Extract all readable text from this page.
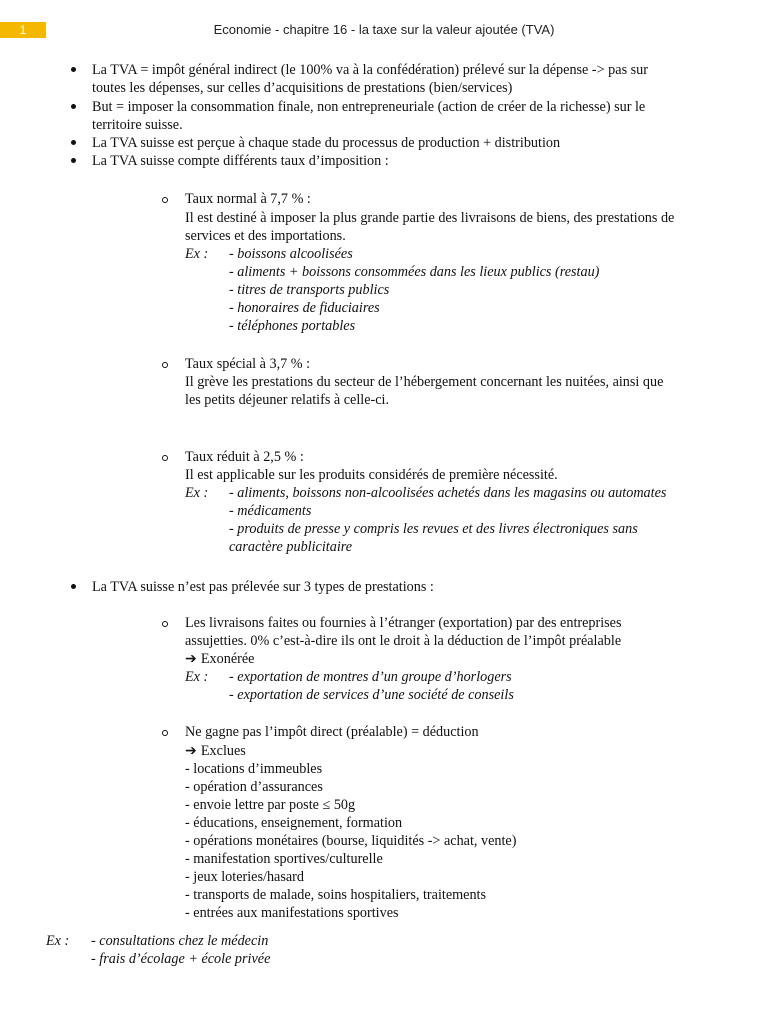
1	Economie - chapitre 16 - la taxe sur la valeur ajoutée (TVA)
La TVA = impôt général indirect (le 100% va à la confédération) prélevé sur la dépense -> pas sur
toutes les dépenses, sur celles d’acquisitions de prestations (bien/services)
But = imposer la consommation finale, non entrepreneuriale (action de créer de la richesse) sur le
territoire suisse.
La TVA suisse est perçue à chaque stade du processus de production + distribution
La TVA suisse compte différents taux d’imposition :
Taux normal à 7,7 % :
Il est destiné à imposer la plus grande partie des livraisons de biens, des prestations de
services et des importations.
Ex : - boissons alcoolisées
- aliments + boissons consommées dans les lieux publics (restau)
- titres de transports publics
- honoraires de fiduciaires
- téléphones portables
Taux spécial à 3,7 % :
Il grève les prestations du secteur de l’hébergement concernant les nuitées, ainsi que
les petits déjeuner relatifs à celle-ci.
Taux réduit à 2,5 % :
Il est applicable sur les produits considérés de première nécessité.
Ex : - aliments, boissons non-alcoolisées achetés dans les magasins ou automates
- médicaments
- produits de presse y compris les revues et des livres électroniques sans
caractère publicitaire
La TVA suisse n’est pas prélevée sur 3 types de prestations :
Les livraisons faites ou fournies à l’étranger (exportation) par des entreprises
assujetties. 0% c’est-à-dire ils ont le droit à la déduction de l’impôt préalable
➔ Exonérée
Ex : - exportation de montres d’un groupe d’horlogers
- exportation de services d’une société de conseils
Ne gagne pas l’impôt direct (préalable) = déduction
➔ Exclues
- locations d’immeubles
- opération d’assurances
- envoie lettre par poste ≤ 50g
- éducations, enseignement, formation
- opérations monétaires (bourse, liquidités -> achat, vente)
- manifestation sportives/culturelle
- jeux loteries/hasard
- transports de malade, soins hospitaliers, traitements
- entrées aux manifestations sportives
Ex : - consultations chez le médecin
- frais d’écolage + école privée
